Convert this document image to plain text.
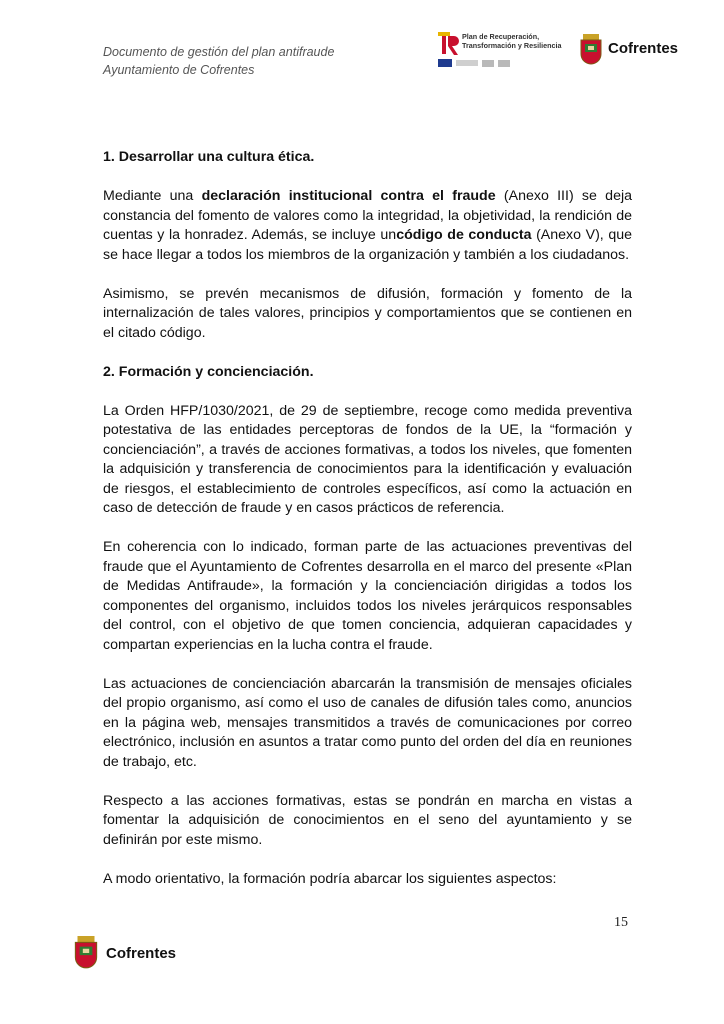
Documento de gestión del plan antifraude
Ayuntamiento de Cofrentes
Plan de Recuperación,
Transformación y Resiliencia	Cofrentes
1. Desarrollar una cultura ética.

Mediante una declaración institucional contra el fraude (Anexo III) se deja constancia del fomento de valores como la integridad, la objetividad, la rendición de cuentas y la honradez. Además, se incluye uncódigo de conducta (Anexo V), que se hace llegar a todos los miembros de la organización y también a los ciudadanos.

Asimismo, se prevén mecanismos de difusión, formación y fomento de la internalización de tales valores, principios y comportamientos que se contienen en el citado código.

2. Formación y concienciación.

La Orden HFP/1030/2021, de 29 de septiembre, recoge como medida preventiva potestativa de las entidades perceptoras de fondos de la UE, la “formación y concienciación”, a través de acciones formativas, a todos los niveles, que fomenten la adquisición y transferencia de conocimientos para la identificación y evaluación de riesgos, el establecimiento de controles específicos, así como la actuación en caso de detección de fraude y en casos prácticos de referencia.

En coherencia con lo indicado, forman parte de las actuaciones preventivas del fraude que el Ayuntamiento de Cofrentes desarrolla en el marco del presente «Plan de Medidas Antifraude», la formación y la concienciación dirigidas a todos los componentes del organismo, incluidos todos los niveles jerárquicos responsables del control, con el objetivo de que tomen conciencia, adquieran capacidades y compartan experiencias en la lucha contra el fraude.

Las actuaciones de concienciación abarcarán la transmisión de mensajes oficiales del propio organismo, así como el uso de canales de difusión tales como, anuncios en la página web, mensajes transmitidos a través de comunicaciones por correo electrónico, inclusión en asuntos a tratar como punto del orden del día en reuniones de trabajo, etc.

Respecto a las acciones formativas, estas se pondrán en marcha en vistas a fomentar la adquisición de conocimientos en el seno del ayuntamiento y se definirán por este mismo.

A modo orientativo, la formación podría abarcar los siguientes aspectos:

15
Cofrentes
